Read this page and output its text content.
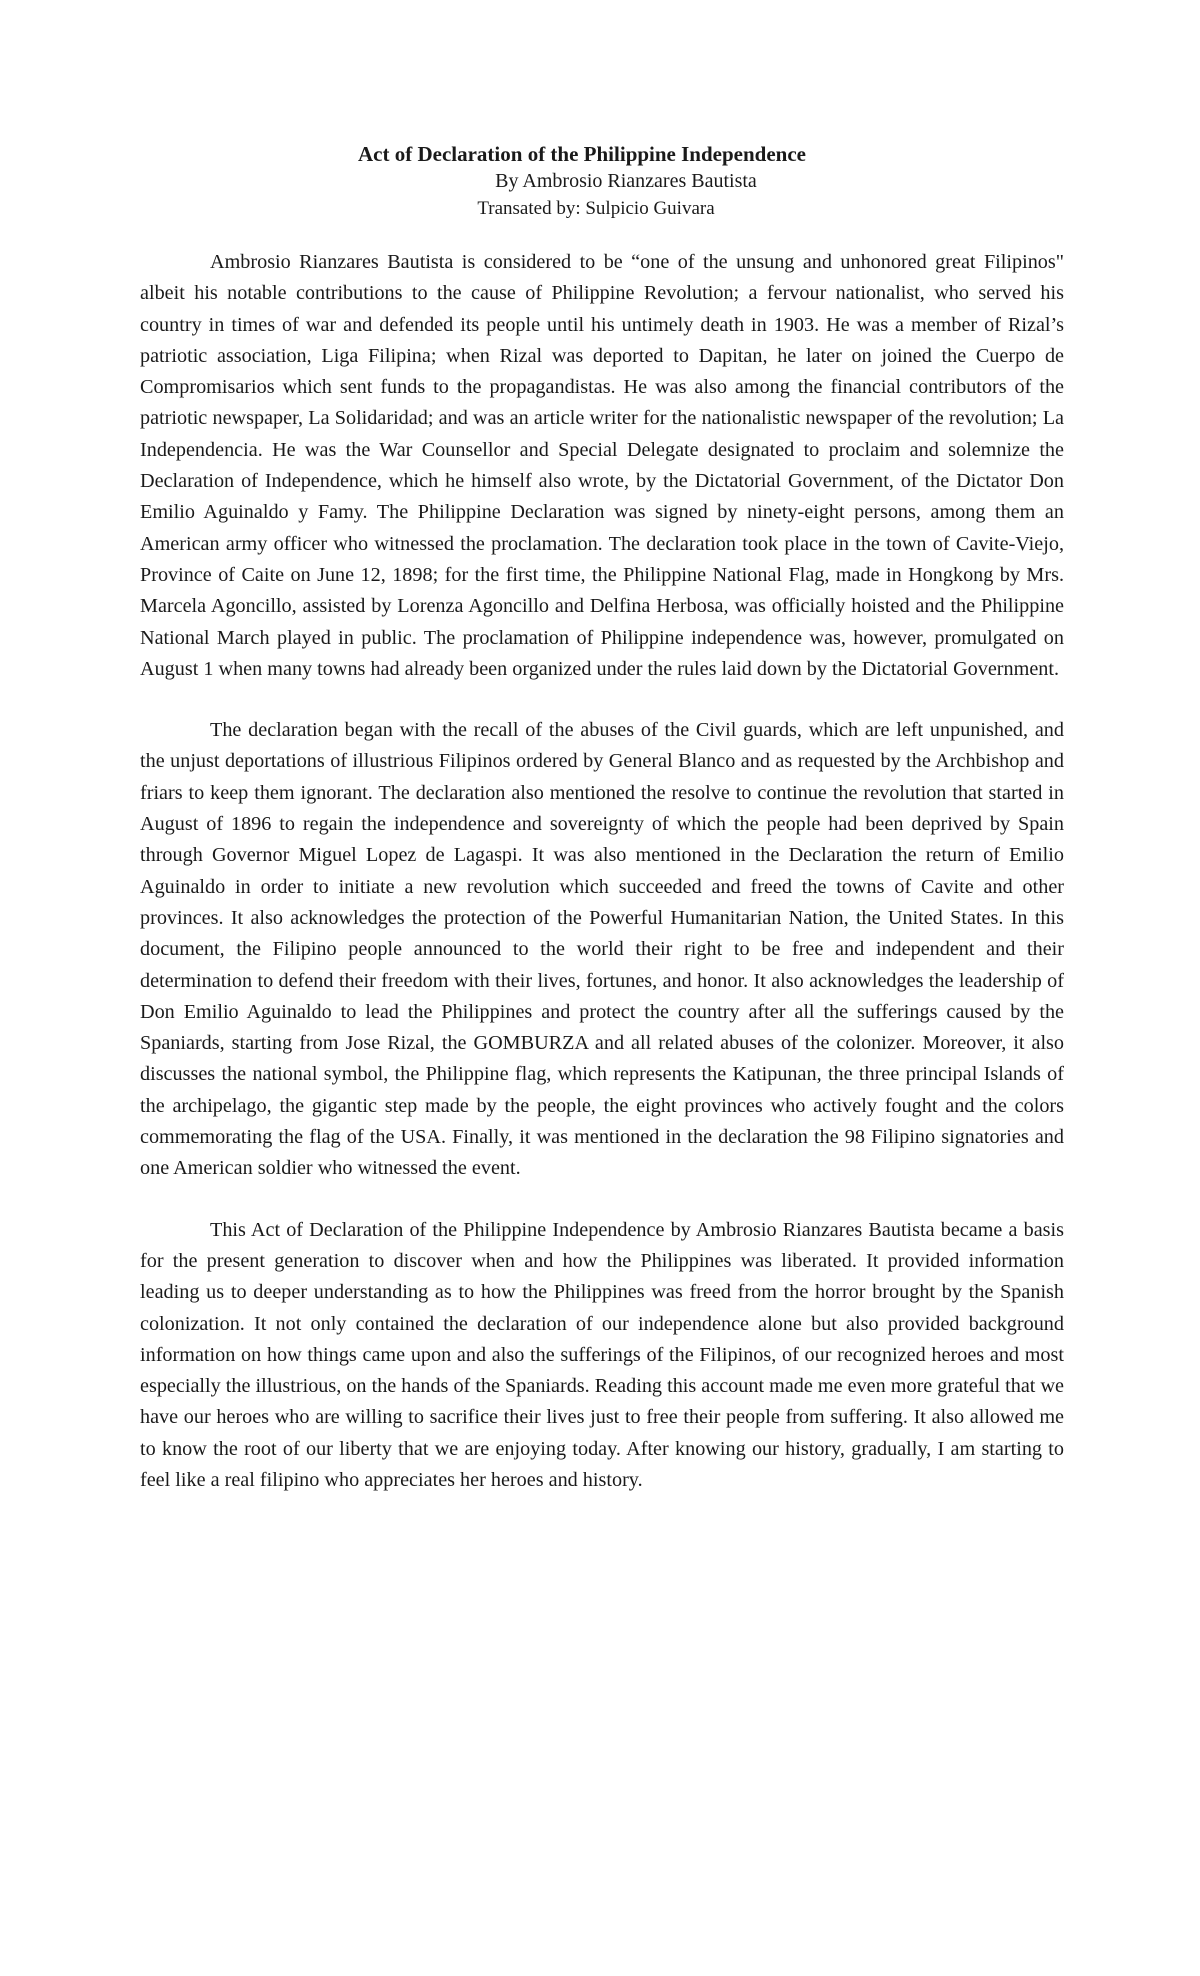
Act of Declaration of the Philippine Independence

By Ambrosio Rianzares Bautista

Transated by: Sulpicio Guivara

Ambrosio Rianzares Bautista is considered to be “one of the unsung and unhonored great Filipinos" albeit his notable contributions to the cause of Philippine Revolution; a fervour nationalist, who served his country in times of war and defended its people until his untimely death in 1903. He was a member of Rizal’s patriotic association, Liga Filipina; when Rizal was deported to Dapitan, he later on joined the Cuerpo de Compromisarios which sent funds to the propagandistas. He was also among the financial contributors of the patriotic newspaper, La Solidaridad; and was an article writer for the nationalistic newspaper of the revolution; La Independencia. He was the War Counsellor and Special Delegate designated to proclaim and solemnize the Declaration of Independence, which he himself also wrote, by the Dictatorial Government, of the Dictator Don Emilio Aguinaldo y Famy. The Philippine Declaration was signed by ninety-eight persons, among them an American army officer who witnessed the proclamation. The declaration took place in the town of Cavite-Viejo, Province of Caite on June 12, 1898; for the first time, the Philippine National Flag, made in Hongkong by Mrs. Marcela Agoncillo, assisted by Lorenza Agoncillo and Delfina Herbosa, was officially hoisted and the Philippine National March played in public. The proclamation of Philippine independence was, however, promulgated on August 1 when many towns had already been organized under the rules laid down by the Dictatorial Government.

The declaration began with the recall of the abuses of the Civil guards, which are left unpunished, and the unjust deportations of illustrious Filipinos ordered by General Blanco and as requested by the Archbishop and friars to keep them ignorant. The declaration also mentioned the resolve to continue the revolution that started in August of 1896 to regain the independence and sovereignty of which the people had been deprived by Spain through Governor Miguel Lopez de Lagaspi. It was also mentioned in the Declaration the return of Emilio Aguinaldo in order to initiate a new revolution which succeeded and freed the towns of Cavite and other provinces. It also acknowledges the protection of the Powerful Humanitarian Nation, the United States. In this document, the Filipino people announced to the world their right to be free and independent and their determination to defend their freedom with their lives, fortunes, and honor. It also acknowledges the leadership of Don Emilio Aguinaldo to lead the Philippines and protect the country after all the sufferings caused by the Spaniards, starting from Jose Rizal, the GOMBURZA and all related abuses of the colonizer. Moreover, it also discusses the national symbol, the Philippine flag, which represents the Katipunan, the three principal Islands of the archipelago, the gigantic step made by the people, the eight provinces who actively fought and the colors commemorating the flag of the USA. Finally, it was mentioned in the declaration the 98 Filipino signatories and one American soldier who witnessed the event.

This Act of Declaration of the Philippine Independence by Ambrosio Rianzares Bautista became a basis for the present generation to discover when and how the Philippines was liberated. It provided information leading us to deeper understanding as to how the Philippines was freed from the horror brought by the Spanish colonization. It not only contained the declaration of our independence alone but also provided background information on how things came upon and also the sufferings of the Filipinos, of our recognized heroes and most especially the illustrious, on the hands of the Spaniards. Reading this account made me even more grateful that we have our heroes who are willing to sacrifice their lives just to free their people from suffering. It also allowed me to know the root of our liberty that we are enjoying today. After knowing our history, gradually, I am starting to feel like a real filipino who appreciates her heroes and history.
